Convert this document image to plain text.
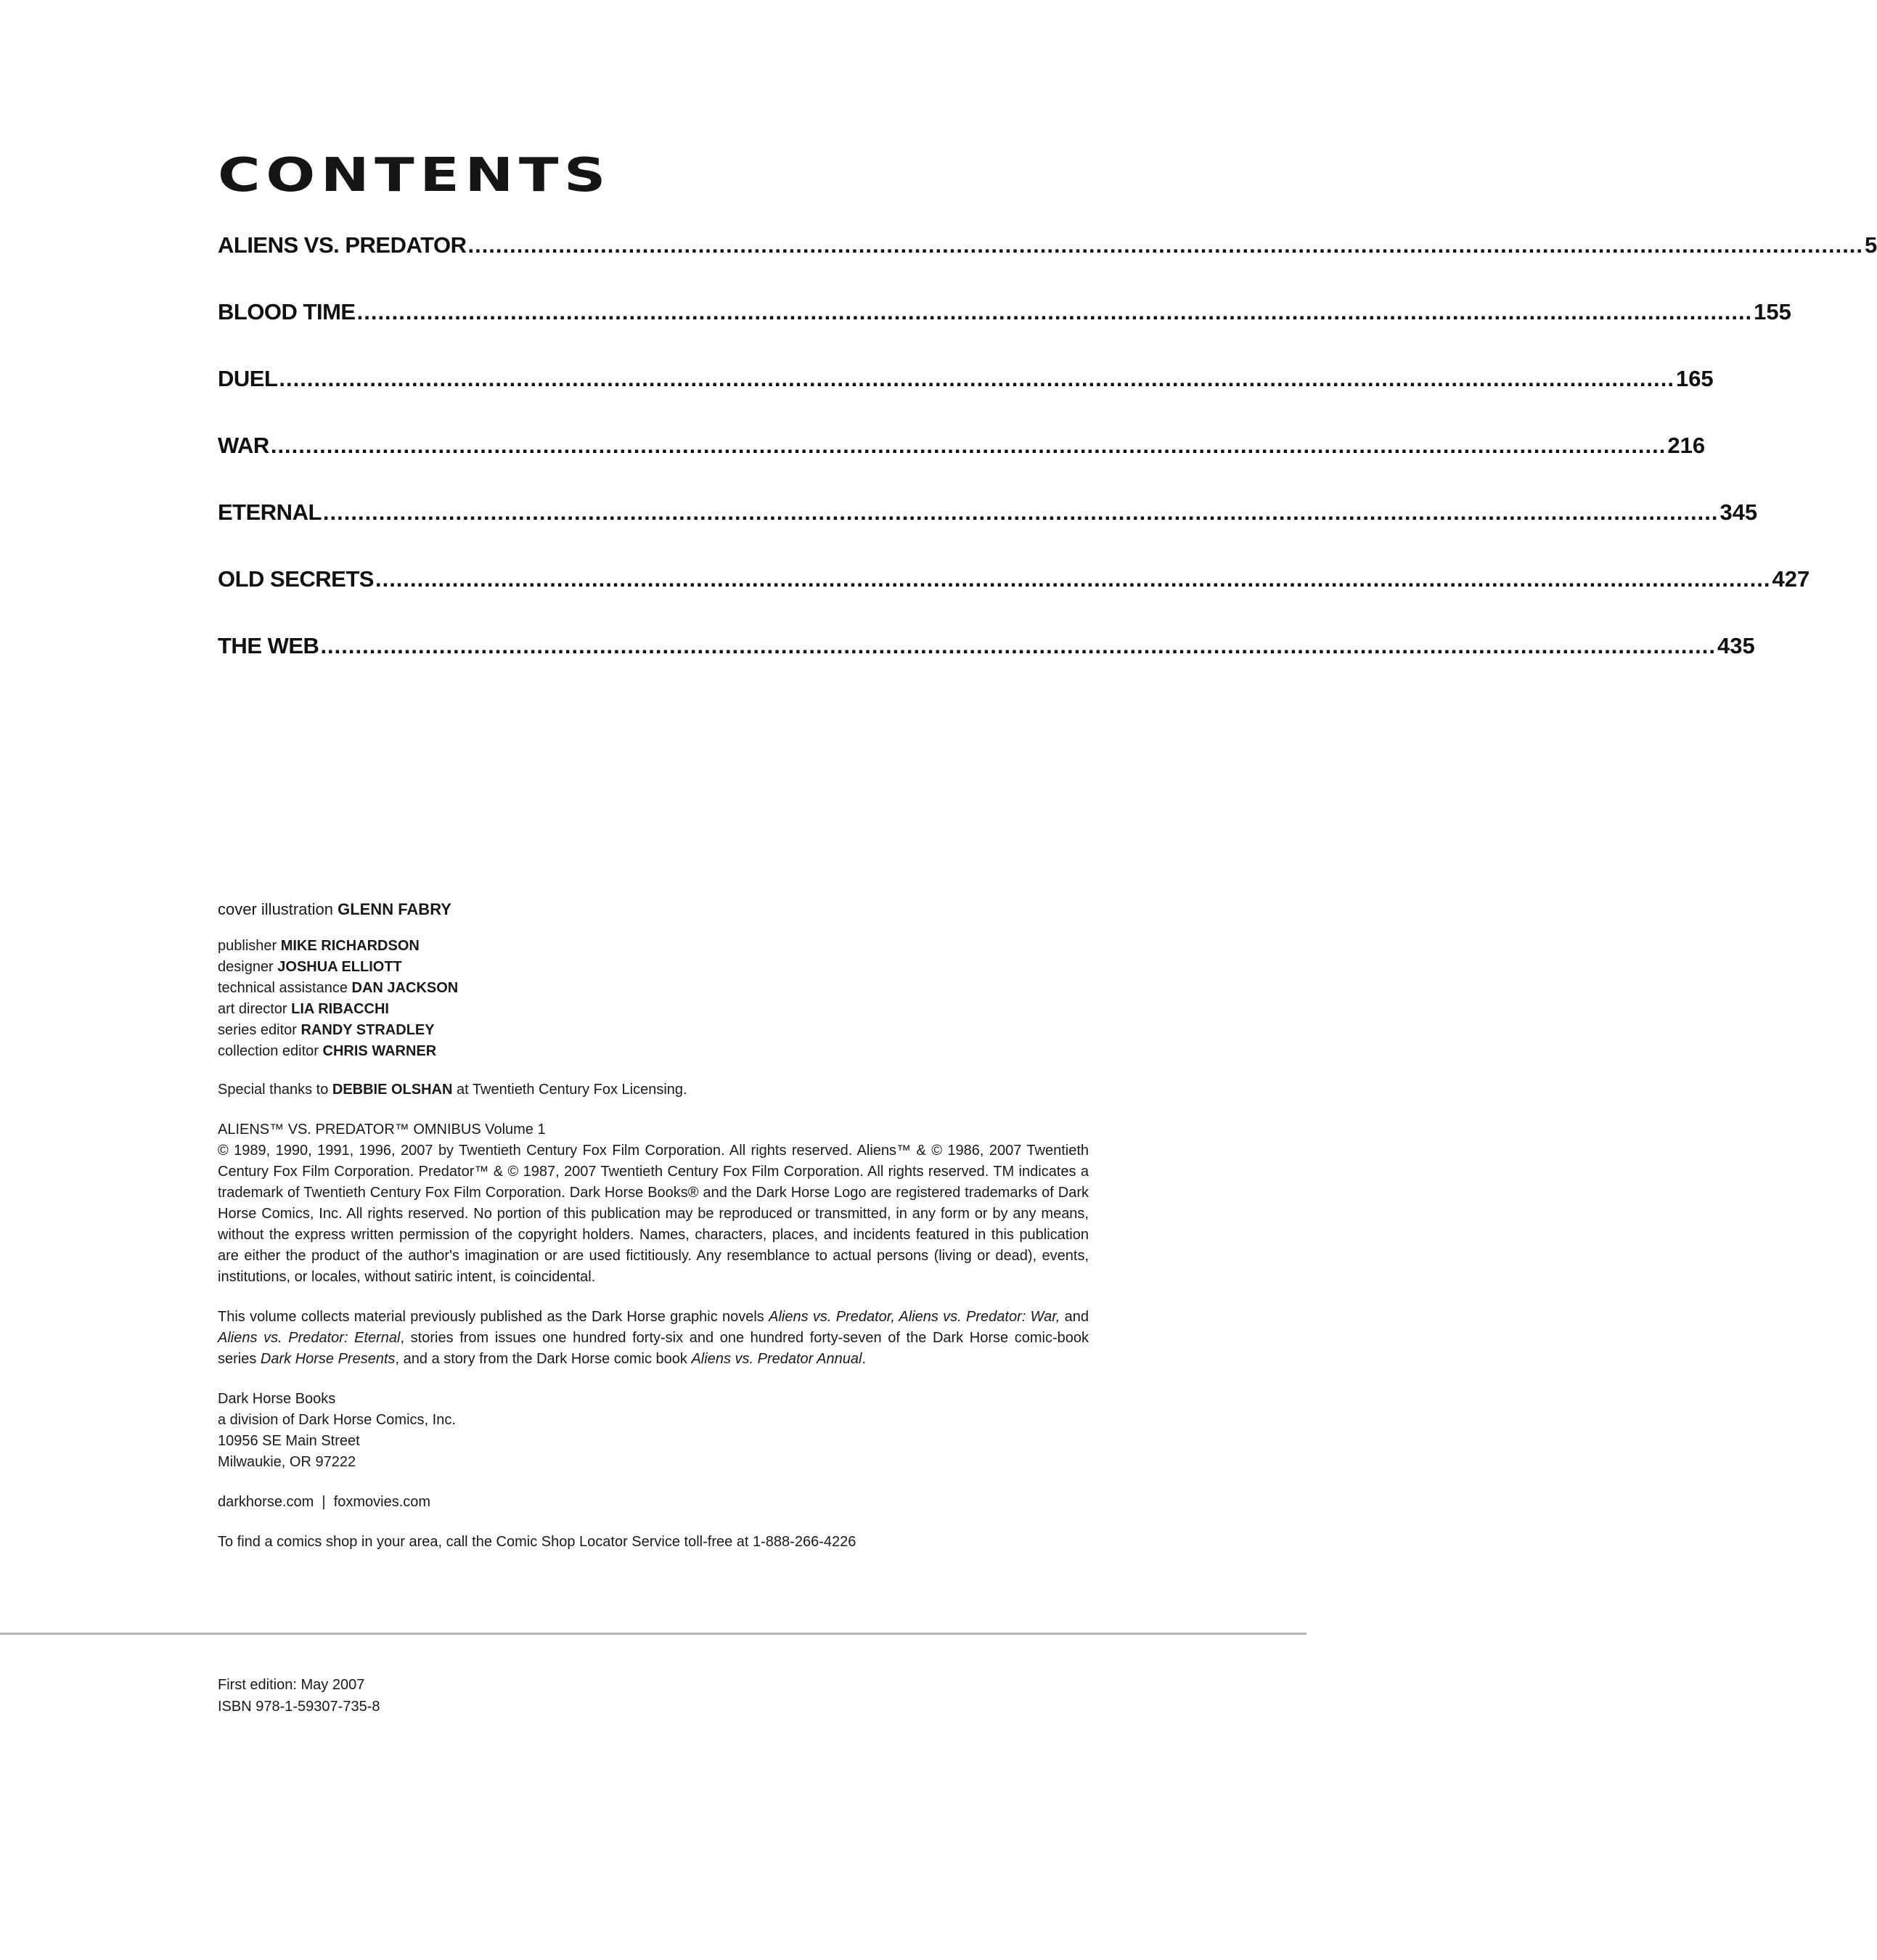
CONTENTS
ALIENS VS. PREDATOR ........................................................................................................................................................................................................ 5
BLOOD TIME ........................................................................................................................................................................................................ 155
DUEL ........................................................................................................................................................................................................ 165
WAR ........................................................................................................................................................................................................ 216
ETERNAL ........................................................................................................................................................................................................ 345
OLD SECRETS ........................................................................................................................................................................................................ 427
THE WEB ........................................................................................................................................................................................................ 435
cover illustration GLENN FABRY
publisher MIKE RICHARDSON
designer JOSHUA ELLIOTT
technical assistance DAN JACKSON
art director LIA RIBACCHI
series editor RANDY STRADLEY
collection editor CHRIS WARNER
Special thanks to DEBBIE OLSHAN at Twentieth Century Fox Licensing.
ALIENS™ VS. PREDATOR™ OMNIBUS Volume 1

© 1989, 1990, 1991, 1996, 2007 by Twentieth Century Fox Film Corporation. All rights reserved. Aliens™ & © 1986, 2007 Twentieth Century Fox Film Corporation. Predator™ & © 1987, 2007 Twentieth Century Fox Film Corporation. All rights reserved. TM indicates a trademark of Twentieth Century Fox Film Corporation. Dark Horse Books® and the Dark Horse Logo are registered trademarks of Dark Horse Comics, Inc. All rights reserved. No portion of this publication may be reproduced or transmitted, in any form or by any means, without the express written permission of the copyright holders. Names, characters, places, and incidents featured in this publication are either the product of the author's imagination or are used fictitiously. Any resemblance to actual persons (living or dead), events, institutions, or locales, without satiric intent, is coincidental.

This volume collects material previously published as the Dark Horse graphic novels Aliens vs. Predator, Aliens vs. Predator: War, and Aliens vs. Predator: Eternal, stories from issues one hundred forty-six and one hundred forty-seven of the Dark Horse comic-book series Dark Horse Presents, and a story from the Dark Horse comic book Aliens vs. Predator Annual.

Dark Horse Books
a division of Dark Horse Comics, Inc.
10956 SE Main Street
Milwaukie, OR 97222
darkhorse.com  |  foxmovies.com
To find a comics shop in your area, call the Comic Shop Locator Service toll-free at 1-888-266-4226
First edition: May 2007
ISBN 978-1-59307-735-8
